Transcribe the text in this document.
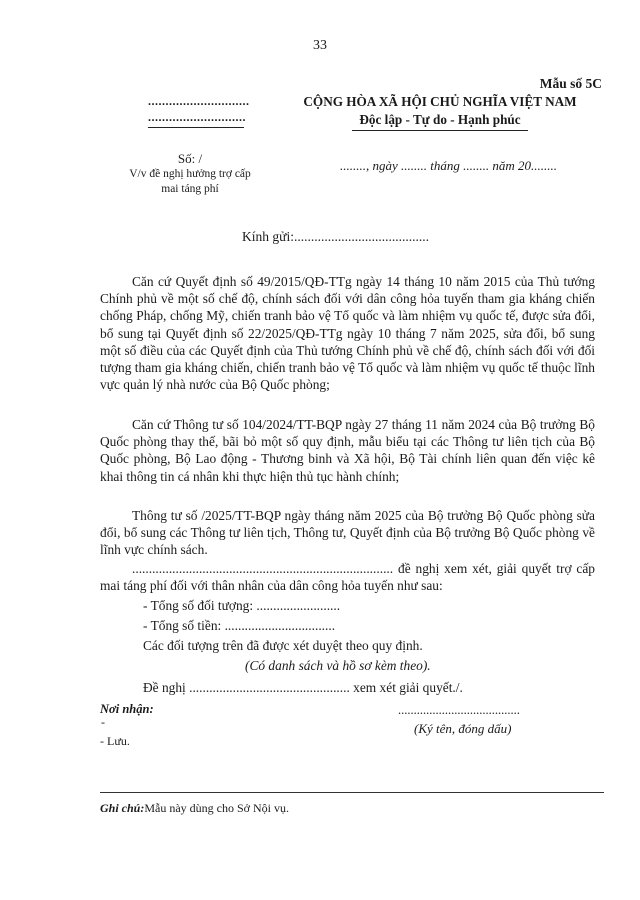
33
Mẫu số 5C
.............................
............................
CỘNG HÒA XÃ HỘI CHỦ NGHĨA VIỆT NAM
Độc lập - Tự do - Hạnh phúc
Số: /
V/v đề nghị hưởng trợ cấp
mai táng phí
........, ngày ........ tháng ........ năm 20........
Kính gửi:........................................
Căn cứ Quyết định số 49/2015/QĐ-TTg ngày 14 tháng 10 năm 2015 của Thủ tướng Chính phủ về một số chế độ, chính sách đối với dân công hỏa tuyến tham gia kháng chiến chống Pháp, chống Mỹ, chiến tranh bảo vệ Tổ quốc và làm nhiệm vụ quốc tế, được sửa đổi, bổ sung tại Quyết định số 22/2025/QĐ-TTg ngày 10 tháng 7 năm 2025, sửa đổi, bổ sung một số điều của các Quyết định của Thủ tướng Chính phủ về chế độ, chính sách đối với đối tượng tham gia kháng chiến, chiến tranh bảo vệ Tổ quốc và làm nhiệm vụ quốc tế thuộc lĩnh vực quản lý nhà nước của Bộ Quốc phòng;
Căn cứ Thông tư số 104/2024/TT-BQP ngày 27 tháng 11 năm 2024 của Bộ trưởng Bộ Quốc phòng thay thế, bãi bỏ một số quy định, mẫu biểu tại các Thông tư liên tịch của Bộ Quốc phòng, Bộ Lao động - Thương binh và Xã hội, Bộ Tài chính liên quan đến việc kê khai thông tin cá nhân khi thực hiện thủ tục hành chính;
Thông tư số /2025/TT-BQP ngày tháng năm 2025 của Bộ trưởng Bộ Quốc phòng sửa đổi, bổ sung các Thông tư liên tịch, Thông tư, Quyết định của Bộ trưởng Bộ Quốc phòng về lĩnh vực chính sách.
.............................................................................. đề nghị xem xét, giải quyết trợ cấp mai táng phí đối với thân nhân của dân công hỏa tuyến như sau:
- Tổng số đối tượng: .........................
- Tổng số tiền: .................................
Các đối tượng trên đã được xét duyệt theo quy định.
(Có danh sách và hồ sơ kèm theo).
Đề nghị ................................................ xem xét giải quyết./.
Nơi nhận:
-
- Lưu.
.......................................
(Ký tên, đóng dấu)
Ghi chú:Mẫu này dùng cho Sở Nội vụ.
